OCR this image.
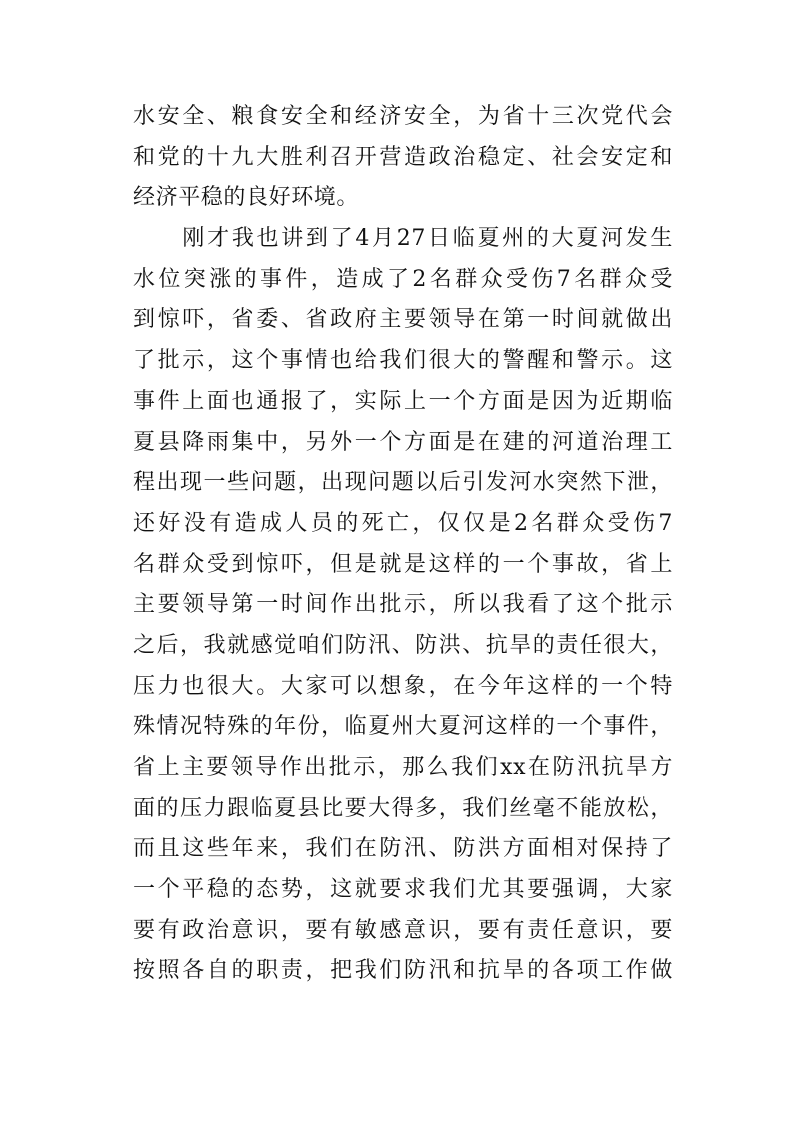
水安全、粮食安全和经济安全，为省十三次党代会
和党的十九大胜利召开营造政治稳定、社会安定和
经济平稳的良好环境。
　　刚才我也讲到了4月27日临夏州的大夏河发生
水位突涨的事件，造成了2名群众受伤7名群众受
到惊吓，省委、省政府主要领导在第一时间就做出
了批示，这个事情也给我们很大的警醒和警示。这
事件上面也通报了，实际上一个方面是因为近期临
夏县降雨集中，另外一个方面是在建的河道治理工
程出现一些问题，出现问题以后引发河水突然下泄，
还好没有造成人员的死亡，仅仅是2名群众受伤7
名群众受到惊吓，但是就是这样的一个事故，省上
主要领导第一时间作出批示，所以我看了这个批示
之后，我就感觉咱们防汛、防洪、抗旱的责任很大，
压力也很大。大家可以想象，在今年这样的一个特
殊情况特殊的年份，临夏州大夏河这样的一个事件，
省上主要领导作出批示，那么我们xx在防汛抗旱方
面的压力跟临夏县比要大得多，我们丝毫不能放松，
而且这些年来，我们在防汛、防洪方面相对保持了
一个平稳的态势，这就要求我们尤其要强调，大家
要有政治意识，要有敏感意识，要有责任意识，要
按照各自的职责，把我们防汛和抗旱的各项工作做
